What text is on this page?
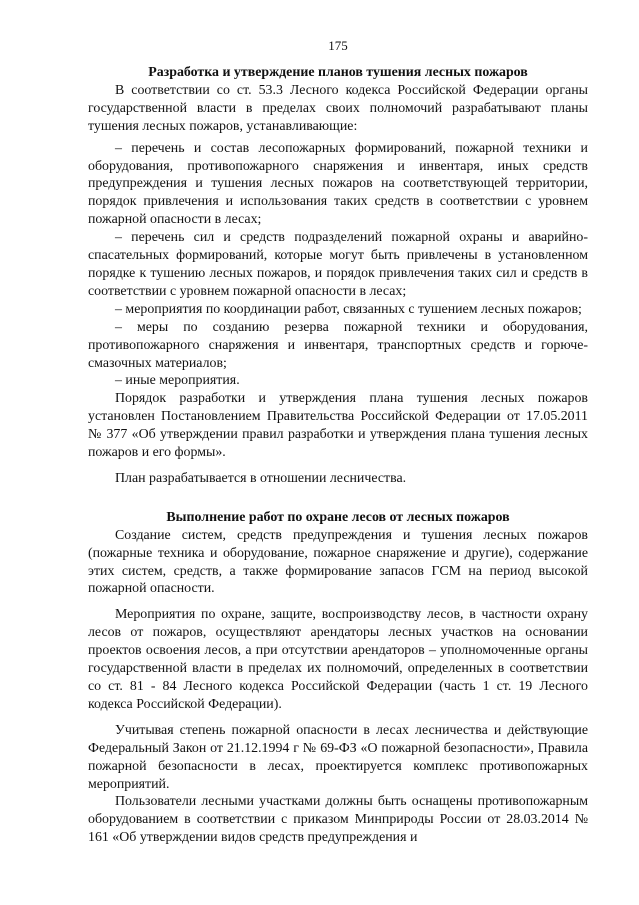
175
Разработка и утверждение планов тушения лесных пожаров

В соответствии со ст. 53.3 Лесного кодекса Российской Федерации органы государственной власти в пределах своих полномочий разрабатывают планы тушения лесных пожаров, устанавливающие:

– перечень и состав лесопожарных формирований, пожарной техники и оборудования, противопожарного снаряжения и инвентаря, иных средств предупреждения и тушения лесных пожаров на соответствующей территории, порядок привлечения и использования таких средств в соответствии с уровнем пожарной опасности в лесах;

– перечень сил и средств подразделений пожарной охраны и аварийно-спасательных формирований, которые могут быть привлечены в установленном порядке к тушению лесных пожаров, и порядок привлечения таких сил и средств в соответствии с уровнем пожарной опасности в лесах;

– мероприятия по координации работ, связанных с тушением лесных пожаров;

– меры по созданию резерва пожарной техники и оборудования, противопожарного снаряжения и инвентаря, транспортных средств и горюче-смазочных материалов;

– иные мероприятия.

Порядок разработки и утверждения плана тушения лесных пожаров установлен Постановлением Правительства Российской Федерации от 17.05.2011 № 377 «Об утверждении правил разработки и утверждения плана тушения лесных пожаров и его формы».

План разрабатывается в отношении лесничества.

Выполнение работ по охране лесов от лесных пожаров

Создание систем, средств предупреждения и тушения лесных пожаров (пожарные техника и оборудование, пожарное снаряжение и другие), содержание этих систем, средств, а также формирование запасов ГСМ на период высокой пожарной опасности.

Мероприятия по охране, защите, воспроизводству лесов, в частности охрану лесов от пожаров, осуществляют арендаторы лесных участков на основании проектов освоения лесов, а при отсутствии арендаторов – уполномоченные органы государственной власти в пределах их полномочий, определенных в соответствии со ст. 81 - 84 Лесного кодекса Российской Федерации (часть 1 ст. 19 Лесного кодекса Российской Федерации).

Учитывая степень пожарной опасности в лесах лесничества и действующие Федеральный Закон от 21.12.1994 г № 69-ФЗ «О пожарной безопасности», Правила пожарной безопасности в лесах, проектируется комплекс противопожарных мероприятий.

Пользователи лесными участками должны быть оснащены противопожарным оборудованием в соответствии с приказом Минприроды России от 28.03.2014 № 161 «Об утверждении видов средств предупреждения и
